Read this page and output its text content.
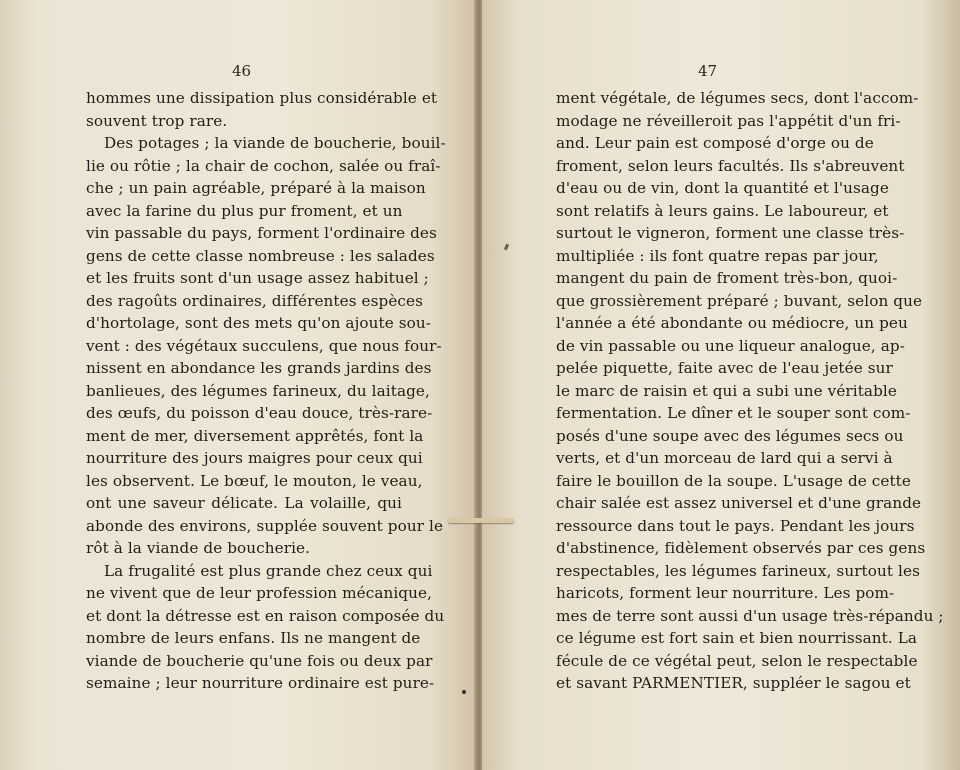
46
hommes une dissipation plus considérable et
souvent trop rare.
Des potages ; la viande de boucherie, bouil-
lie ou rôtie ; la chair de cochon, salée ou fraî-
che ; un pain agréable, préparé à la maison
avec la farine du plus pur froment, et un
vin passable du pays, forment l'ordinaire des
gens de cette classe nombreuse : les salades
et les fruits sont d'un usage assez habituel ;
des ragoûts ordinaires, différentes espèces
d'hortolage, sont des mets qu'on ajoute sou-
vent : des végétaux succulens, que nous four-
nissent en abondance les grands jardins des
banlieues, des légumes farineux, du laitage,
des œufs, du poisson d'eau douce, très-rare-
ment de mer, diversement apprêtés, font la
nourriture des jours maigres pour ceux qui
les observent. Le bœuf, le mouton, le veau,
ont une saveur délicate. La volaille, qui
abonde des environs, supplée souvent pour le
rôt à la viande de boucherie.
La frugalité est plus grande chez ceux qui
ne vivent que de leur profession mécanique,
et dont la détresse est en raison composée du
nombre de leurs enfans. Ils ne mangent de
viande de boucherie qu'une fois ou deux par
semaine ; leur nourriture ordinaire est pure-
47
ment végétale, de légumes secs, dont l'accom-
modage ne réveilleroit pas l'appétit d'un fri-
and. Leur pain est composé d'orge ou de
froment, selon leurs facultés. Ils s'abreuvent
d'eau ou de vin, dont la quantité et l'usage
sont relatifs à leurs gains. Le laboureur, et
surtout le vigneron, forment une classe très-
multipliée : ils font quatre repas par jour,
mangent du pain de froment très-bon, quoi-
que grossièrement préparé ; buvant, selon que
l'année a été abondante ou médiocre, un peu
de vin passable ou une liqueur analogue, ap-
pelée piquette, faite avec de l'eau jetée sur
le marc de raisin et qui a subi une véritable
fermentation. Le dîner et le souper sont com-
posés d'une soupe avec des légumes secs ou
verts, et d'un morceau de lard qui a servi à
faire le bouillon de la soupe. L'usage de cette
chair salée est assez universel et d'une grande
ressource dans tout le pays. Pendant les jours
d'abstinence, fidèlement observés par ces gens
respectables, les légumes farineux, surtout les
haricots, forment leur nourriture. Les pom-
mes de terre sont aussi d'un usage très-répandu ;
ce légume est fort sain et bien nourrissant. La
fécule de ce végétal peut, selon le respectable
et savant PARMENTIER, suppléer le sagou et
